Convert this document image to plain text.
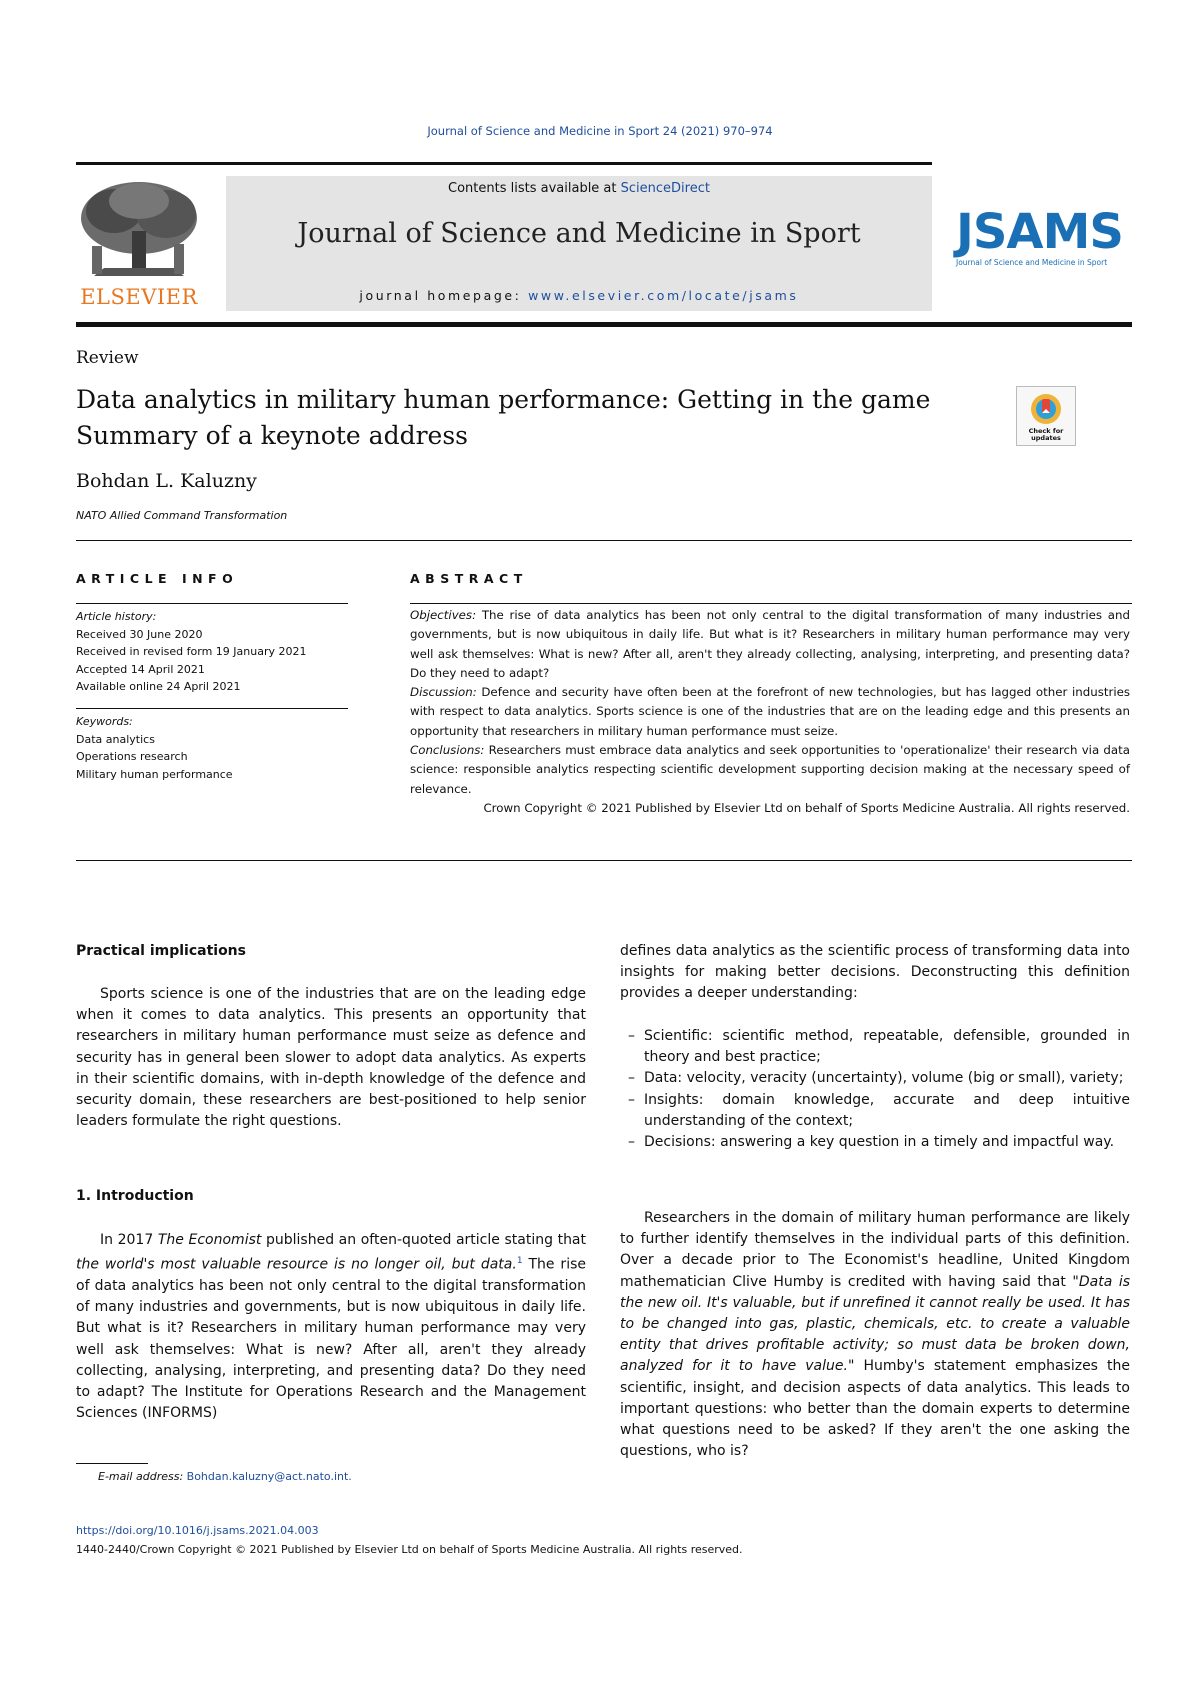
Journal of Science and Medicine in Sport 24 (2021) 970–974
ELSEVIER
Contents lists available at ScienceDirect
Journal of Science and Medicine in Sport
journal homepage: www.elsevier.com/locate/jsams
JSAMS
Journal of Science and Medicine in Sport
Review
Data analytics in military human performance: Getting in the game
Summary of a keynote address	Check for updates
Bohdan L. Kaluzny
NATO Allied Command Transformation
ARTICLE INFO
Article history:
Received 30 June 2020
Received in revised form 19 January 2021
Accepted 14 April 2021
Available online 24 April 2021
Keywords:
Data analytics
Operations research
Military human performance
ABSTRACT
Objectives: The rise of data analytics has been not only central to the digital transformation of many industries and governments, but is now ubiquitous in daily life. But what is it? Researchers in military human performance may very well ask themselves: What is new? After all, aren't they already collecting, analysing, interpreting, and presenting data? Do they need to adapt?
Discussion: Defence and security have often been at the forefront of new technologies, but has lagged other industries with respect to data analytics. Sports science is one of the industries that are on the leading edge and this presents an opportunity that researchers in military human performance must seize.
Conclusions: Researchers must embrace data analytics and seek opportunities to 'operationalize' their research via data science: responsible analytics respecting scientific development supporting decision making at the necessary speed of relevance.
Crown Copyright © 2021 Published by Elsevier Ltd on behalf of Sports Medicine Australia. All rights reserved.
Practical implications
Sports science is one of the industries that are on the leading edge when it comes to data analytics. This presents an opportunity that researchers in military human performance must seize as defence and security has in general been slower to adopt data analytics. As experts in their scientific domains, with in-depth knowledge of the defence and security domain, these researchers are best-positioned to help senior leaders formulate the right questions.
1. Introduction
In 2017 The Economist published an often-quoted article stating that the world's most valuable resource is no longer oil, but data.$^1$ The rise of data analytics has been not only central to the digital transformation of many industries and governments, but is now ubiquitous in daily life. But what is it? Researchers in military human performance may very well ask themselves: What is new? After all, aren't they already collecting, analysing, interpreting, and presenting data? Do they need to adapt? The Institute for Operations Research and the Management Sciences (INFORMS)
E-mail address: Bohdan.kaluzny@act.nato.int.
defines data analytics as the scientific process of transforming data into insights for making better decisions. Deconstructing this definition provides a deeper understanding:
– Scientific: scientific method, repeatable, defensible, grounded in theory and best practice;
– Data: velocity, veracity (uncertainty), volume (big or small), variety;
– Insights: domain knowledge, accurate and deep intuitive understanding of the context;
– Decisions: answering a key question in a timely and impactful way.
Researchers in the domain of military human performance are likely to further identify themselves in the individual parts of this definition. Over a decade prior to The Economist's headline, United Kingdom mathematician Clive Humby is credited with having said that "Data is the new oil. It's valuable, but if unrefined it cannot really be used. It has to be changed into gas, plastic, chemicals, etc. to create a valuable entity that drives profitable activity; so must data be broken down, analyzed for it to have value." Humby's statement emphasizes the scientific, insight, and decision aspects of data analytics. This leads to important questions: who better than the domain experts to determine what questions need to be asked? If they aren't the one asking the questions, who is?
https://doi.org/10.1016/j.jsams.2021.04.003
1440-2440/Crown Copyright © 2021 Published by Elsevier Ltd on behalf of Sports Medicine Australia. All rights reserved.
